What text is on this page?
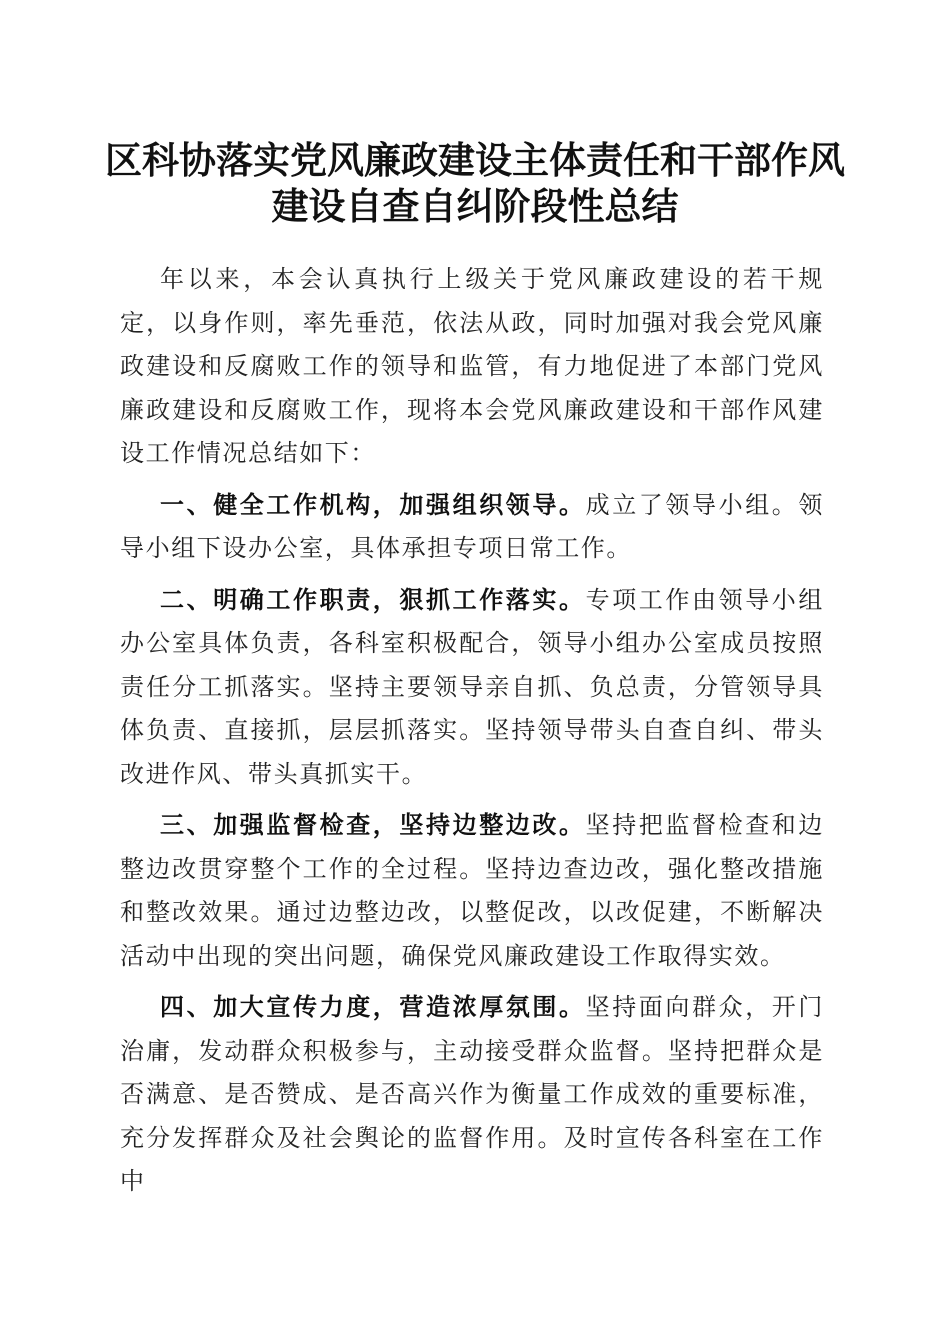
区科协落实党风廉政建设主体责任和干部作风
建设自查自纠阶段性总结

年以来，本会认真执行上级关于党风廉政建设的若干规定，以身作则，率先垂范，依法从政，同时加强对我会党风廉政建设和反腐败工作的领导和监管，有力地促进了本部门党风廉政建设和反腐败工作，现将本会党风廉政建设和干部作风建设工作情况总结如下：

一、健全工作机构，加强组织领导。成立了领导小组。领导小组下设办公室，具体承担专项日常工作。

二、明确工作职责，狠抓工作落实。专项工作由领导小组办公室具体负责，各科室积极配合，领导小组办公室成员按照责任分工抓落实。坚持主要领导亲自抓、负总责，分管领导具体负责、直接抓，层层抓落实。坚持领导带头自查自纠、带头改进作风、带头真抓实干。

三、加强监督检查，坚持边整边改。坚持把监督检查和边整边改贯穿整个工作的全过程。坚持边查边改，强化整改措施和整改效果。通过边整边改，以整促改，以改促建，不断解决活动中出现的突出问题，确保党风廉政建设工作取得实效。

四、加大宣传力度，营造浓厚氛围。坚持面向群众，开门治庸，发动群众积极参与，主动接受群众监督。坚持把群众是否满意、是否赞成、是否高兴作为衡量工作成效的重要标准，充分发挥群众及社会舆论的监督作用。及时宣传各科室在工作中
